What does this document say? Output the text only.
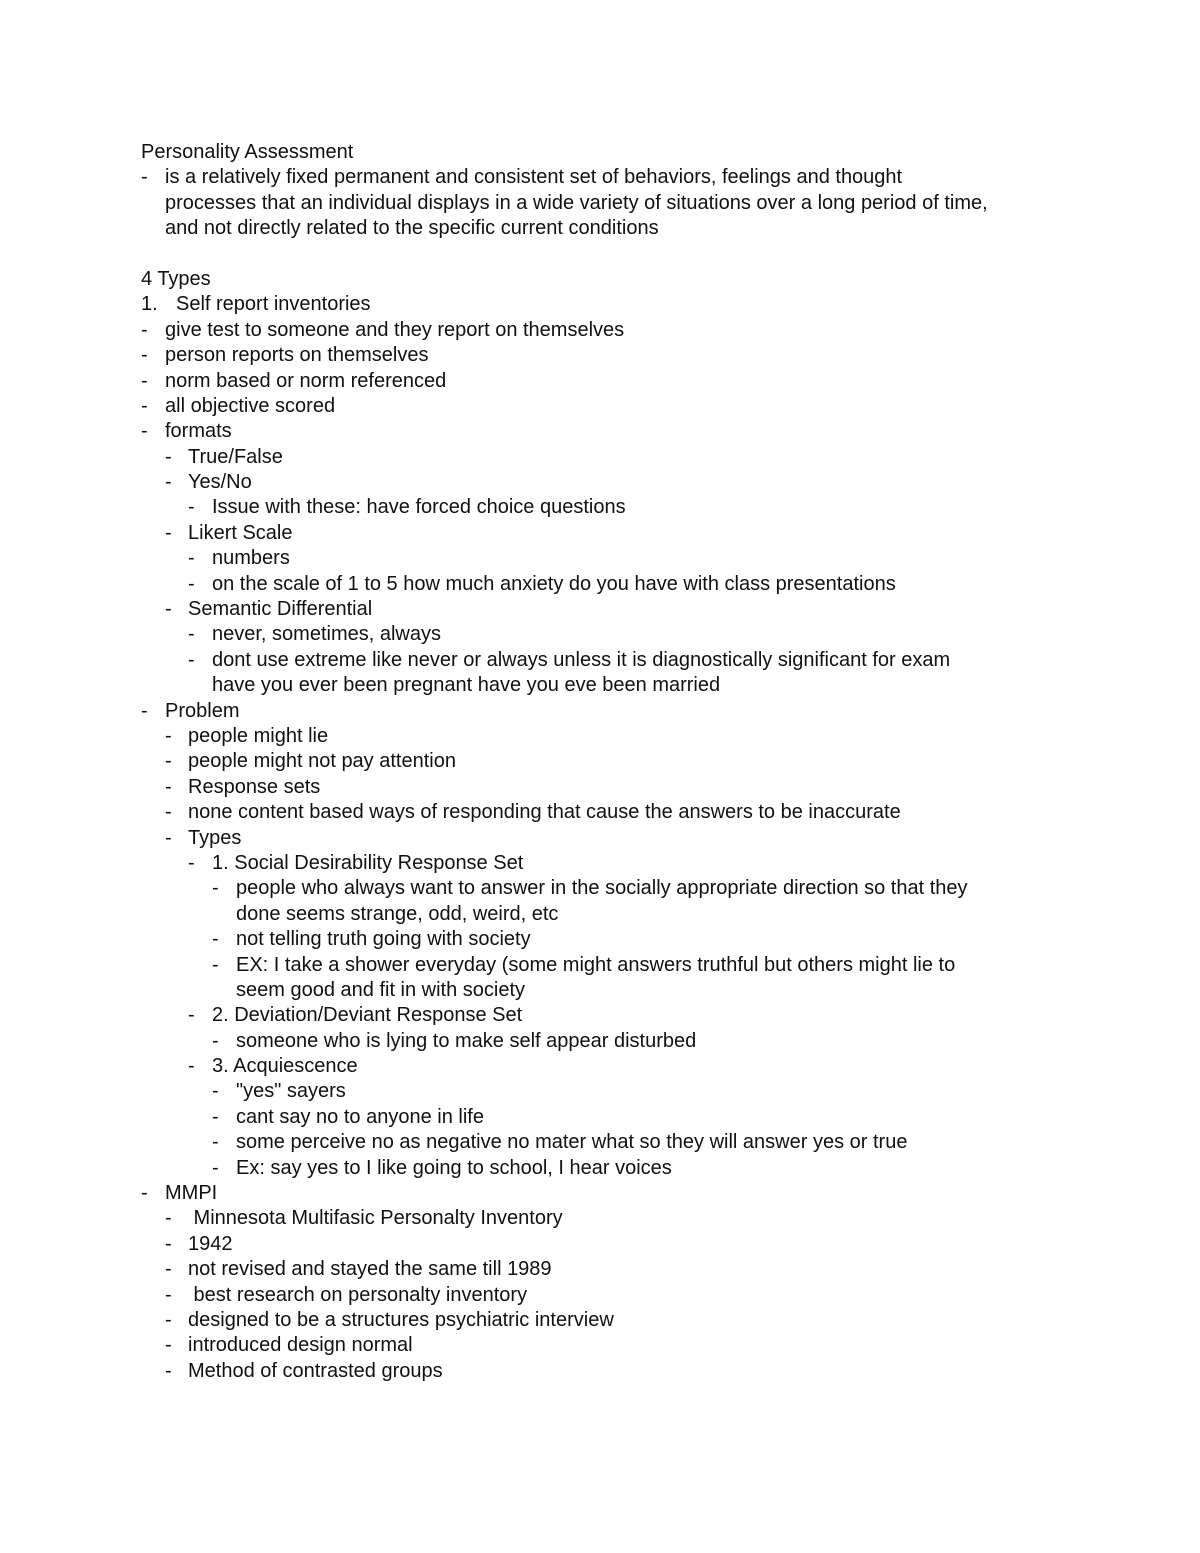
Personality Assessment
- is a relatively fixed permanent and consistent set of behaviors, feelings and thought
processes that an individual displays in a wide variety of situations over a long period of time,
and not directly related to the specific current conditions
4 Types
1. Self report inventories
- give test to someone and they report on themselves
- person reports on themselves
- norm based or norm referenced
- all objective scored
- formats
- True/False
- Yes/No
- Issue with these: have forced choice questions
- Likert Scale
- numbers
- on the scale of 1 to 5 how much anxiety do you have with class presentations
- Semantic Differential
- never, sometimes, always
- dont use extreme like never or always unless it is diagnostically significant for exam
have you ever been pregnant have you eve been married
- Problem
- people might lie
- people might not pay attention
- Response sets
- none content based ways of responding that cause the answers to be inaccurate
- Types
- 1. Social Desirability Response Set
- people who always want to answer in the socially appropriate direction so that they
done seems strange, odd, weird, etc
- not telling truth going with society
- EX: I take a shower everyday (some might answers truthful but others might lie to
seem good and fit in with society
- 2. Deviation/Deviant Response Set
- someone who is lying to make self appear disturbed
- 3. Acquiescence
- "yes" sayers
- cant say no to anyone in life
- some perceive no as negative no mater what so they will answer yes or true
- Ex: say yes to I like going to school, I hear voices
- MMPI
- Minnesota Multifasic Personalty Inventory
- 1942
- not revised and stayed the same till 1989
- best research on personalty inventory
- designed to be a structures psychiatric interview
- introduced design normal
- Method of contrasted groups
